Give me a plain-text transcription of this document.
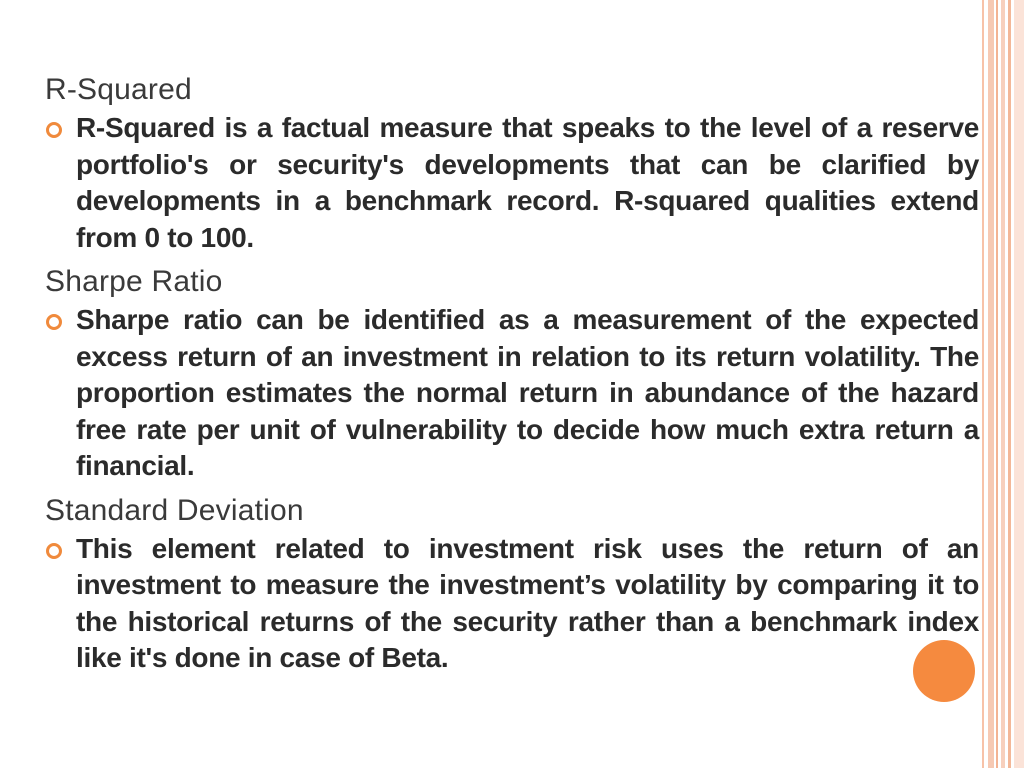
R-Squared
R-Squared is a factual measure that speaks to the level of a reserve portfolio's or security's developments that can be clarified by developments in a benchmark record. R-squared qualities extend from 0 to 100.
Sharpe Ratio
Sharpe ratio can be identified as a measurement of the expected excess return of an investment in relation to its return volatility. The proportion estimates the normal return in abundance of the hazard free rate per unit of vulnerability to decide how much extra return a financial.
Standard Deviation
This element related to investment risk uses the return of an investment to measure the investment’s volatility by comparing it to the historical returns of the security rather than a benchmark index like it's done in case of Beta.
